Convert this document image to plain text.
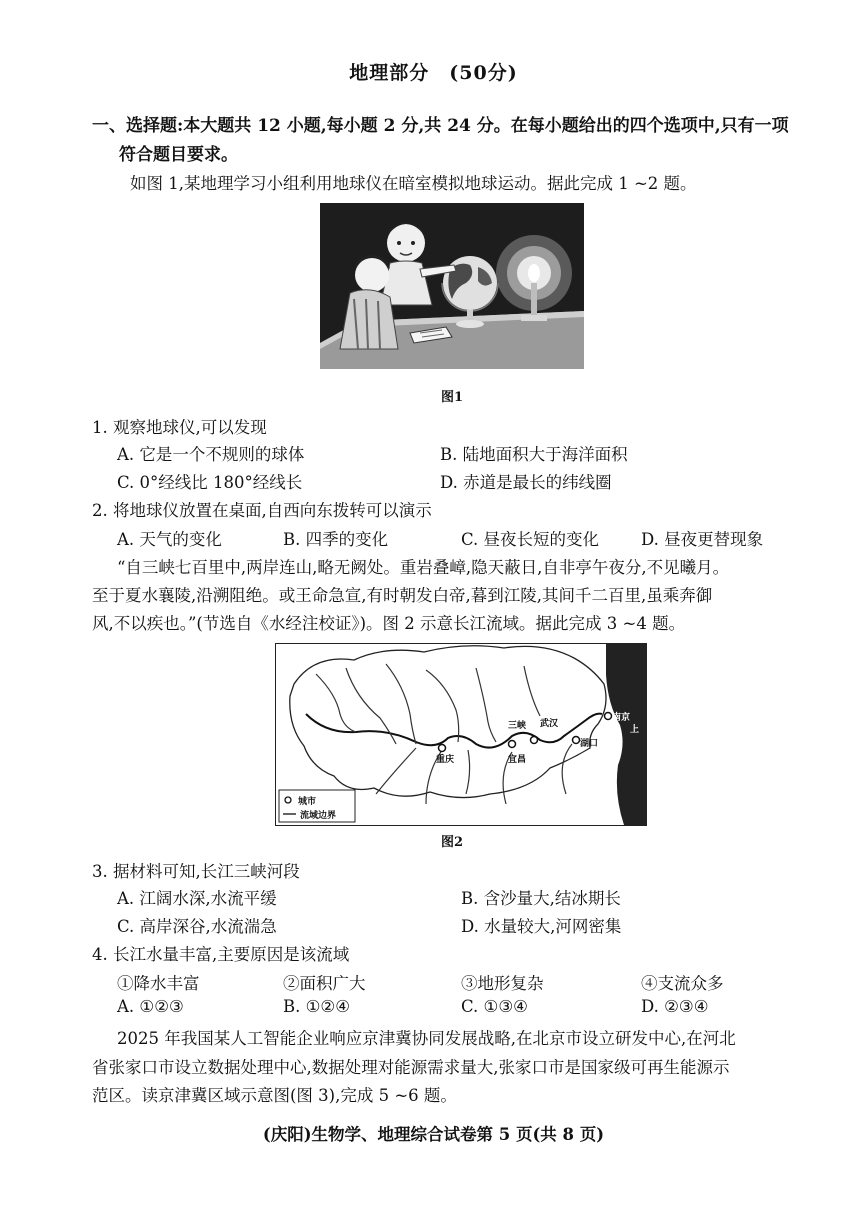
地理部分　(50分)
一、选择题:本大题共 12 小题,每小题 2 分,共 24 分。在每小题给出的四个选项中,只有一项
符合题目要求。
如图 1,某地理学习小组利用地球仪在暗室模拟地球运动。据此完成 1 ~2 题。
图1
1. 观察地球仪,可以发现
A. 它是一个不规则的球体	B. 陆地面积大于海洋面积
C. 0°经线比 180°经线长	D. 赤道是最长的纬线圈
2. 将地球仪放置在桌面,自西向东拨转可以演示
A. 天气的变化	B. 四季的变化	C. 昼夜长短的变化	D. 昼夜更替现象
“自三峡七百里中,两岸连山,略无阙处。重岩叠嶂,隐天蔽日,自非亭午夜分,不见曦月。
至于夏水襄陵,沿溯阻绝。或王命急宣,有时朝发白帝,暮到江陵,其间千二百里,虽乘奔御
风,不以疾也。”(节选自《水经注校证》)。图 2 示意长江流域。据此完成 3 ~4 题。
重庆	宜昌
三峡 武汉
湖口
南京
上
城市
流域边界
图2
3. 据材料可知,长江三峡河段
A. 江阔水深,水流平缓	B. 含沙量大,结冰期长
C. 高岸深谷,水流湍急	D. 水量较大,河网密集
4. 长江水量丰富,主要原因是该流域
①降水丰富	②面积广大	③地形复杂	④支流众多
A. ①②③	B. ①②④	C. ①③④	D. ②③④
2025 年我国某人工智能企业响应京津冀协同发展战略,在北京市设立研发中心,在河北
省张家口市设立数据处理中心,数据处理对能源需求量大,张家口市是国家级可再生能源示
范区。读京津冀区域示意图(图 3),完成 5 ~6 题。
(庆阳)生物学、地理综合试卷第 5 页(共 8 页)
